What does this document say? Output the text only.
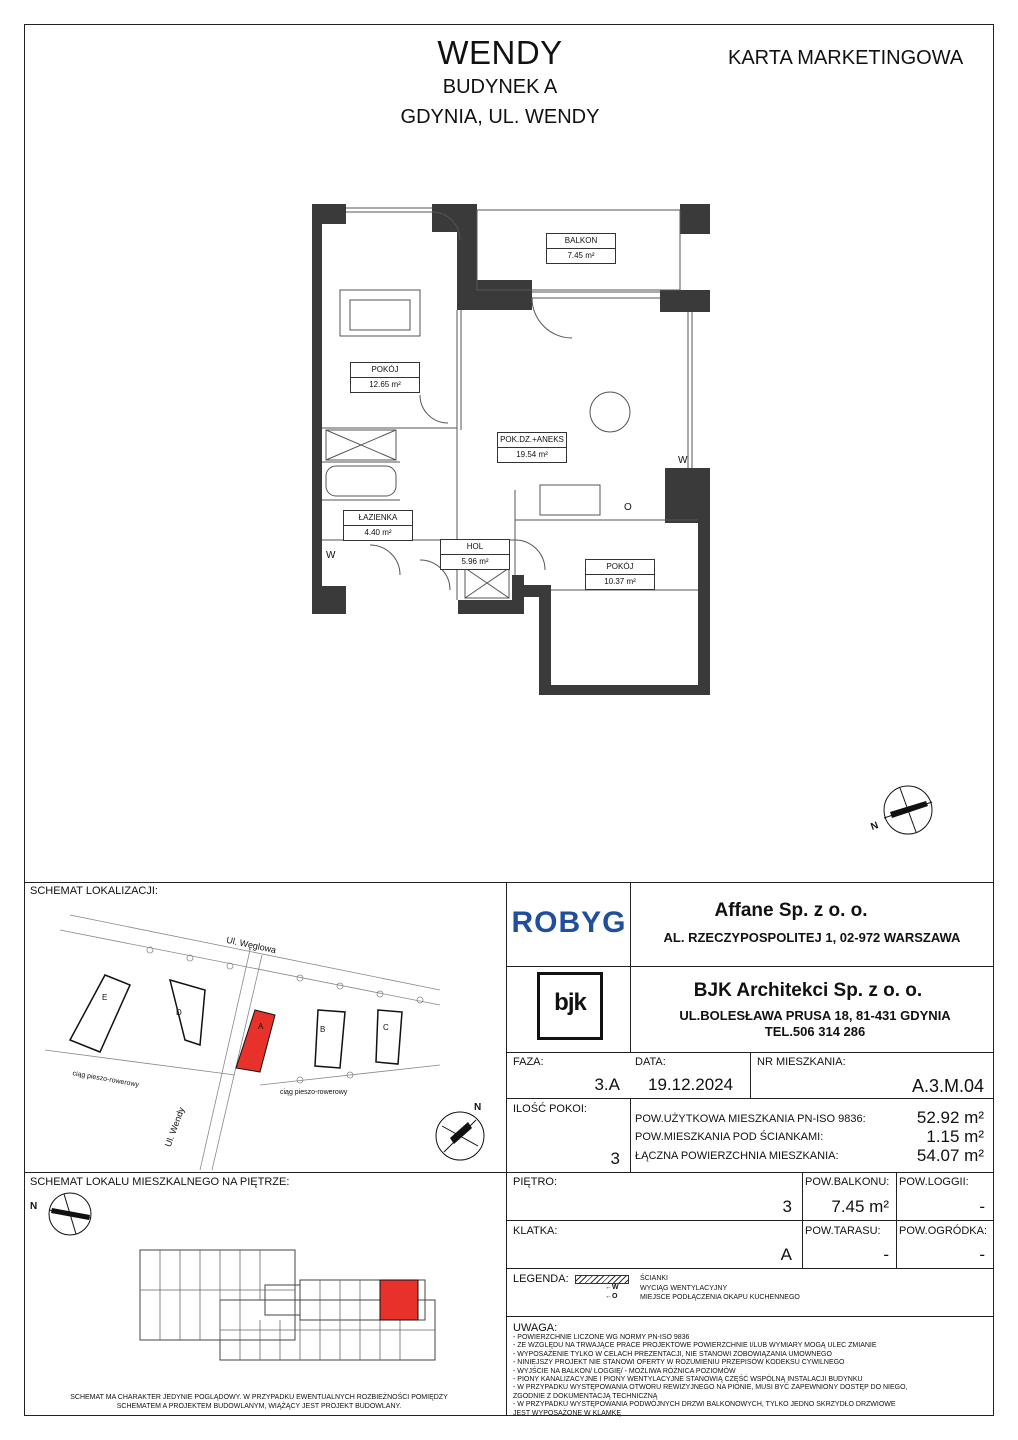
WENDY
BUDYNEK A
GDYNIA, UL. WENDY
KARTA MARKETINGOWA
BALKON
7.45 m²
POKÓJ
12.65 m²
POK.DZ.+ANEKS
19.54 m²
ŁAZIENKA
4.40 m²
HOL
5.96 m²
POKÓJ
10.37 m²
W
W
O
N
SCHEMAT LOKALIZACJI:
Ul. Węglowa
Ul. Wendy
ciąg pieszo-rowerowy
ciąg pieszo-rowerowy
E
D
A	B	C
N
SCHEMAT LOKALU MIESZKALNEGO NA PIĘTRZE:
N
SCHEMAT MA CHARAKTER JEDYNIE POGLĄDOWY. W PRZYPADKU EWENTUALNYCH ROZBIEŻNOŚCI POMIĘDZY
SCHEMATEM A PROJEKTEM BUDOWLANYM, WIĄŻĄCY JEST PROJEKT BUDOWLANY.
ROBYG	Affane Sp. z o. o.
AL. RZECZYPOSPOLITEJ 1, 02-972 WARSZAWA
bjk	BJK Architekci Sp. z o. o.
UL.BOLESŁAWA PRUSA 18, 81-431 GDYNIA
TEL.506 314 286
FAZA:
3.A
DATA:
19.12.2024
NR MIESZKANIA:
A.3.M.04
ILOŚĆ POKOI:
3
POW.UŻYTKOWA MIESZKANIA PN-ISO 9836:	52.92 m²
POW.MIESZKANIA POD ŚCIANKAMI:	1.15 m²
ŁĄCZNA POWIERZCHNIA MIESZKANIA:	54.07 m²
PIĘTRO:
3
POW.BALKONU:
7.45 m²
POW.LOGGII:
-
KLATKA:
A
POW.TARASU:
-
POW.OGRÓDKA:
-
LEGENDA:	ŚCIANKI
←W	WYCIĄG WENTYLACYJNY
←O	MIEJSCE PODŁĄCZENIA OKAPU KUCHENNEGO
UWAGA:
- POWIERZCHNIE LICZONE WG NORMY PN-ISO 9836
- ZE WZGLĘDU NA TRWAJĄCE PRACE PROJEKTOWE POWIERZCHNIE I/LUB WYMIARY MOGĄ ULEC ZMIANIE
- WYPOSAŻENIE TYLKO W CELACH PREZENTACJI, NIE STANOWI ZOBOWIĄZANIA UMOWNEGO
- NINIEJSZY PROJEKT NIE STANOWI OFERTY W ROZUMIENIU PRZEPISÓW KODEKSU CYWILNEGO
- WYJŚCIE NA BALKON/ LOGGIĘ/ - MOŻLIWA RÓŻNICA POZIOMÓW
- PIONY KANALIZACYJNE I PIONY WENTYLACYJNE STANOWIĄ CZĘŚĆ WSPÓLNĄ INSTALACJI BUDYNKU
- W PRZYPADKU WYSTĘPOWANIA OTWORU REWIZYJNEGO NA PIONIE, MUSI BYĆ ZAPEWNIONY DOSTĘP DO NIEGO,
ZGODNIE Z DOKUMENTACJĄ TECHNICZNĄ
- W PRZYPADKU WYSTĘPOWANIA PODWÓJNYCH DRZWI BALKONOWYCH, TYLKO JEDNO SKRZYDŁO DRZWIOWE
JEST WYPOSAŻONE W KLAMKĘ
